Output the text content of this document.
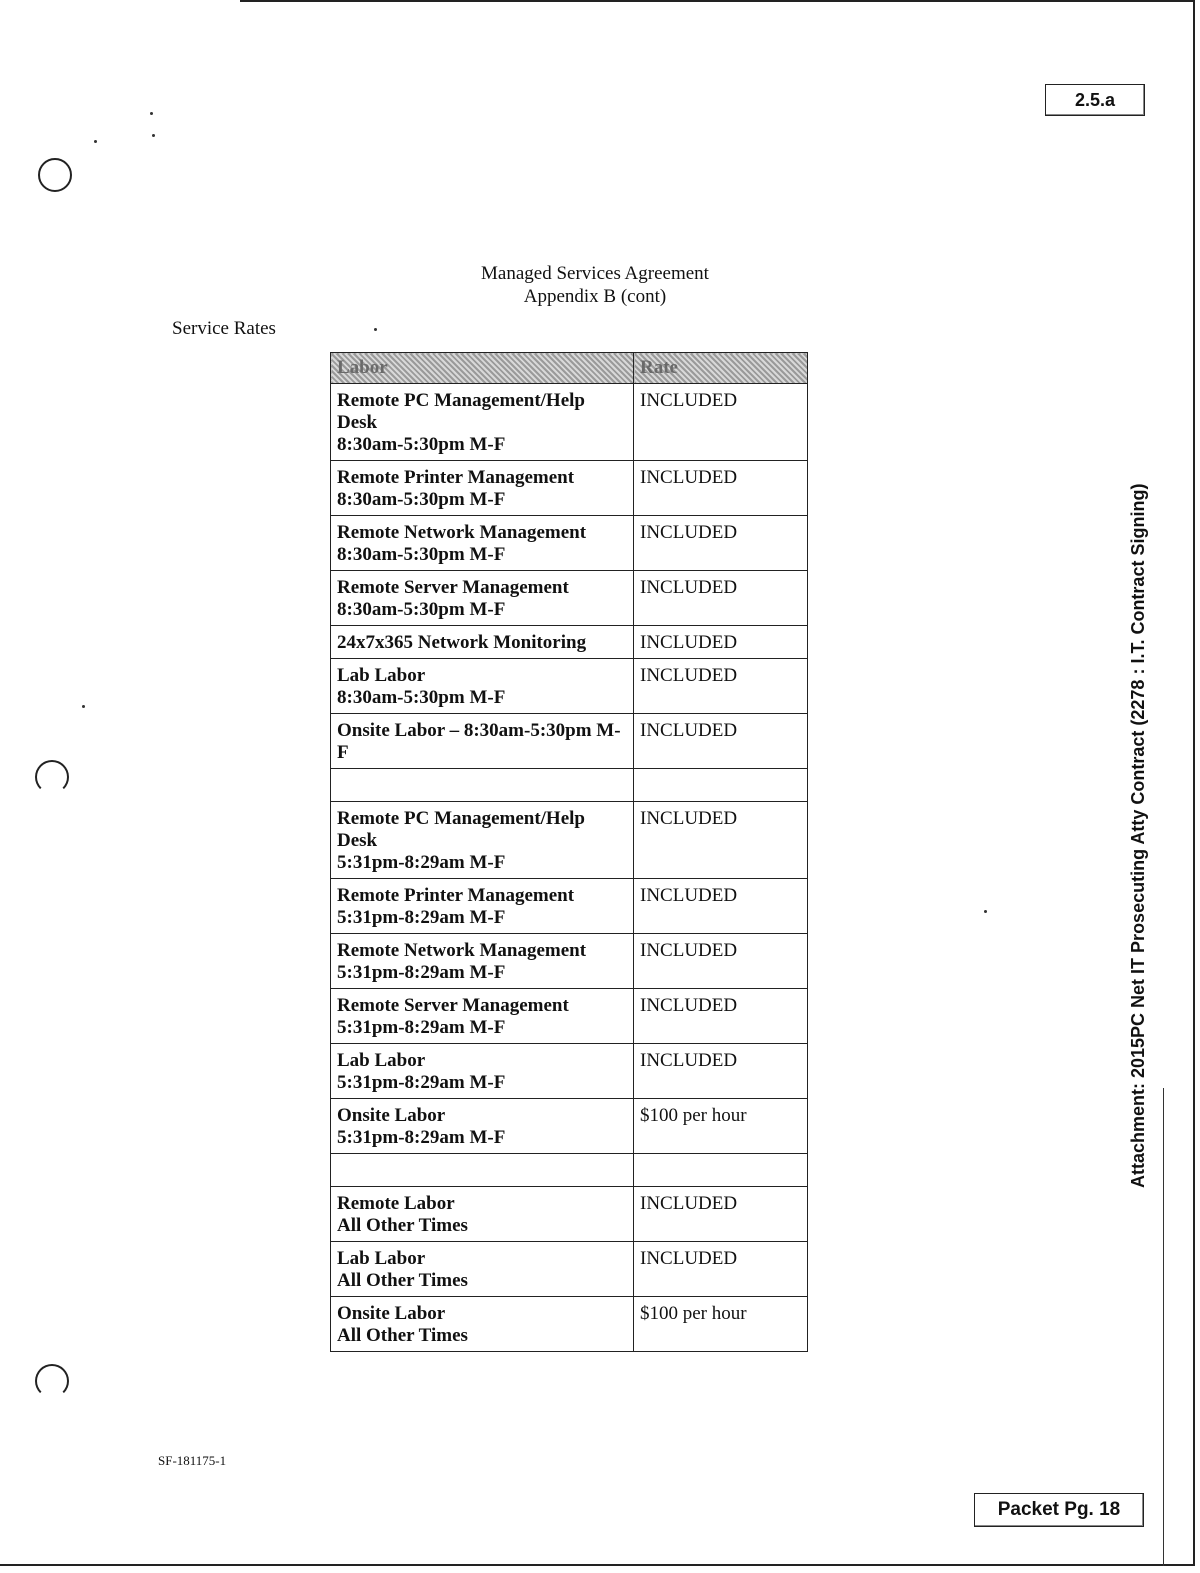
2.5.a
Managed Services Agreement
Appendix B (cont)
Service Rates
Labor	Rate

Remote PC Management/Help Desk
8:30am-5:30pm M-F	INCLUDED

Remote Printer Management
8:30am-5:30pm M-F	INCLUDED

Remote Network Management
8:30am-5:30pm M-F	INCLUDED

Remote Server Management
8:30am-5:30pm M-F	INCLUDED

24x7x365 Network Monitoring	INCLUDED

Lab Labor
8:30am-5:30pm M-F	INCLUDED

Onsite Labor – 8:30am-5:30pm M-F	INCLUDED

Remote PC Management/Help Desk
5:31pm-8:29am M-F	INCLUDED

Remote Printer Management
5:31pm-8:29am M-F	INCLUDED

Remote Network Management
5:31pm-8:29am M-F	INCLUDED

Remote Server Management
5:31pm-8:29am M-F	INCLUDED

Lab Labor
5:31pm-8:29am M-F	INCLUDED

Onsite Labor
5:31pm-8:29am M-F	$100 per hour

Remote Labor
All Other Times	INCLUDED

Lab Labor
All Other Times	INCLUDED

Onsite Labor
All Other Times	$100 per hour
Attachment: 2015PC Net IT Prosecuting Atty Contract (2278 : I.T. Contract Signing)
SF-181175-1
Packet Pg. 18
